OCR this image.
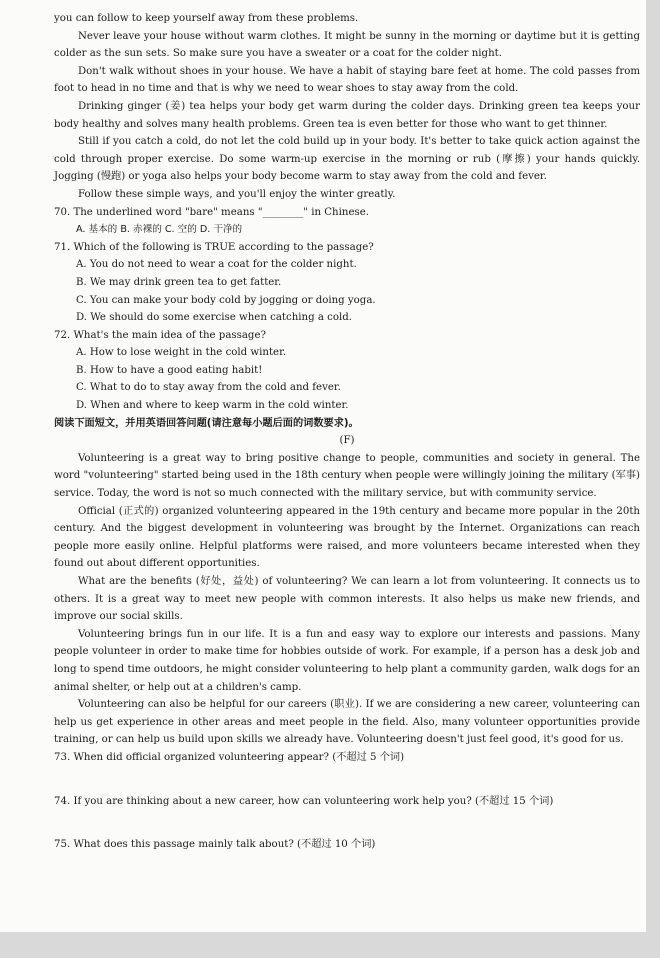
you can follow to keep yourself away from these problems.

Never leave your house without warm clothes. It might be sunny in the morning or daytime but it is getting colder as the sun sets. So make sure you have a sweater or a coat for the colder night.

Don't walk without shoes in your house. We have a habit of staying bare feet at home. The cold passes from foot to head in no time and that is why we need to wear shoes to stay away from the cold.

Drinking ginger (姜) tea helps your body get warm during the colder days. Drinking green tea keeps your body healthy and solves many health problems. Green tea is even better for those who want to get thinner.

Still if you catch a cold, do not let the cold build up in your body. It's better to take quick action against the cold through proper exercise. Do some warm-up exercise in the morning or rub (摩擦) your hands quickly. Jogging (慢跑) or yoga also helps your body become warm to stay away from the cold and fever.

Follow these simple ways, and you'll enjoy the winter greatly.

70. The underlined word "bare" means "________" in Chinese.

A. 基本的 B. 赤裸的 C. 空的 D. 干净的

71. Which of the following is TRUE according to the passage?

A. You do not need to wear a coat for the colder night.

B. We may drink green tea to get fatter.

C. You can make your body cold by jogging or doing yoga.

D. We should do some exercise when catching a cold.

72. What's the main idea of the passage?

A. How to lose weight in the cold winter.

B. How to have a good eating habit!

C. What to do to stay away from the cold and fever.

D. When and where to keep warm in the cold winter.

阅读下面短文，并用英语回答问题(请注意每小题后面的词数要求)。

(F)

Volunteering is a great way to bring positive change to people, communities and society in general. The word "volunteering" started being used in the 18th century when people were willingly joining the military (军事) service. Today, the word is not so much connected with the military service, but with community service.

Official (正式的) organized volunteering appeared in the 19th century and became more popular in the 20th century. And the biggest development in volunteering was brought by the Internet. Organizations can reach people more easily online. Helpful platforms were raised, and more volunteers became interested when they found out about different opportunities.

What are the benefits (好处，益处) of volunteering? We can learn a lot from volunteering. It connects us to others. It is a great way to meet new people with common interests. It also helps us make new friends, and improve our social skills.

Volunteering brings fun in our life. It is a fun and easy way to explore our interests and passions. Many people volunteer in order to make time for hobbies outside of work. For example, if a person has a desk job and long to spend time outdoors, he might consider volunteering to help plant a community garden, walk dogs for an animal shelter, or help out at a children's camp.

Volunteering can also be helpful for our careers (职业). If we are considering a new career, volunteering can help us get experience in other areas and meet people in the field. Also, many volunteer opportunities provide training, or can help us build upon skills we already have. Volunteering doesn't just feel good, it's good for us.

73. When did official organized volunteering appear? (不超过 5 个词)

74. If you are thinking about a new career, how can volunteering work help you? (不超过 15 个词)

75. What does this passage mainly talk about? (不超过 10 个词)
